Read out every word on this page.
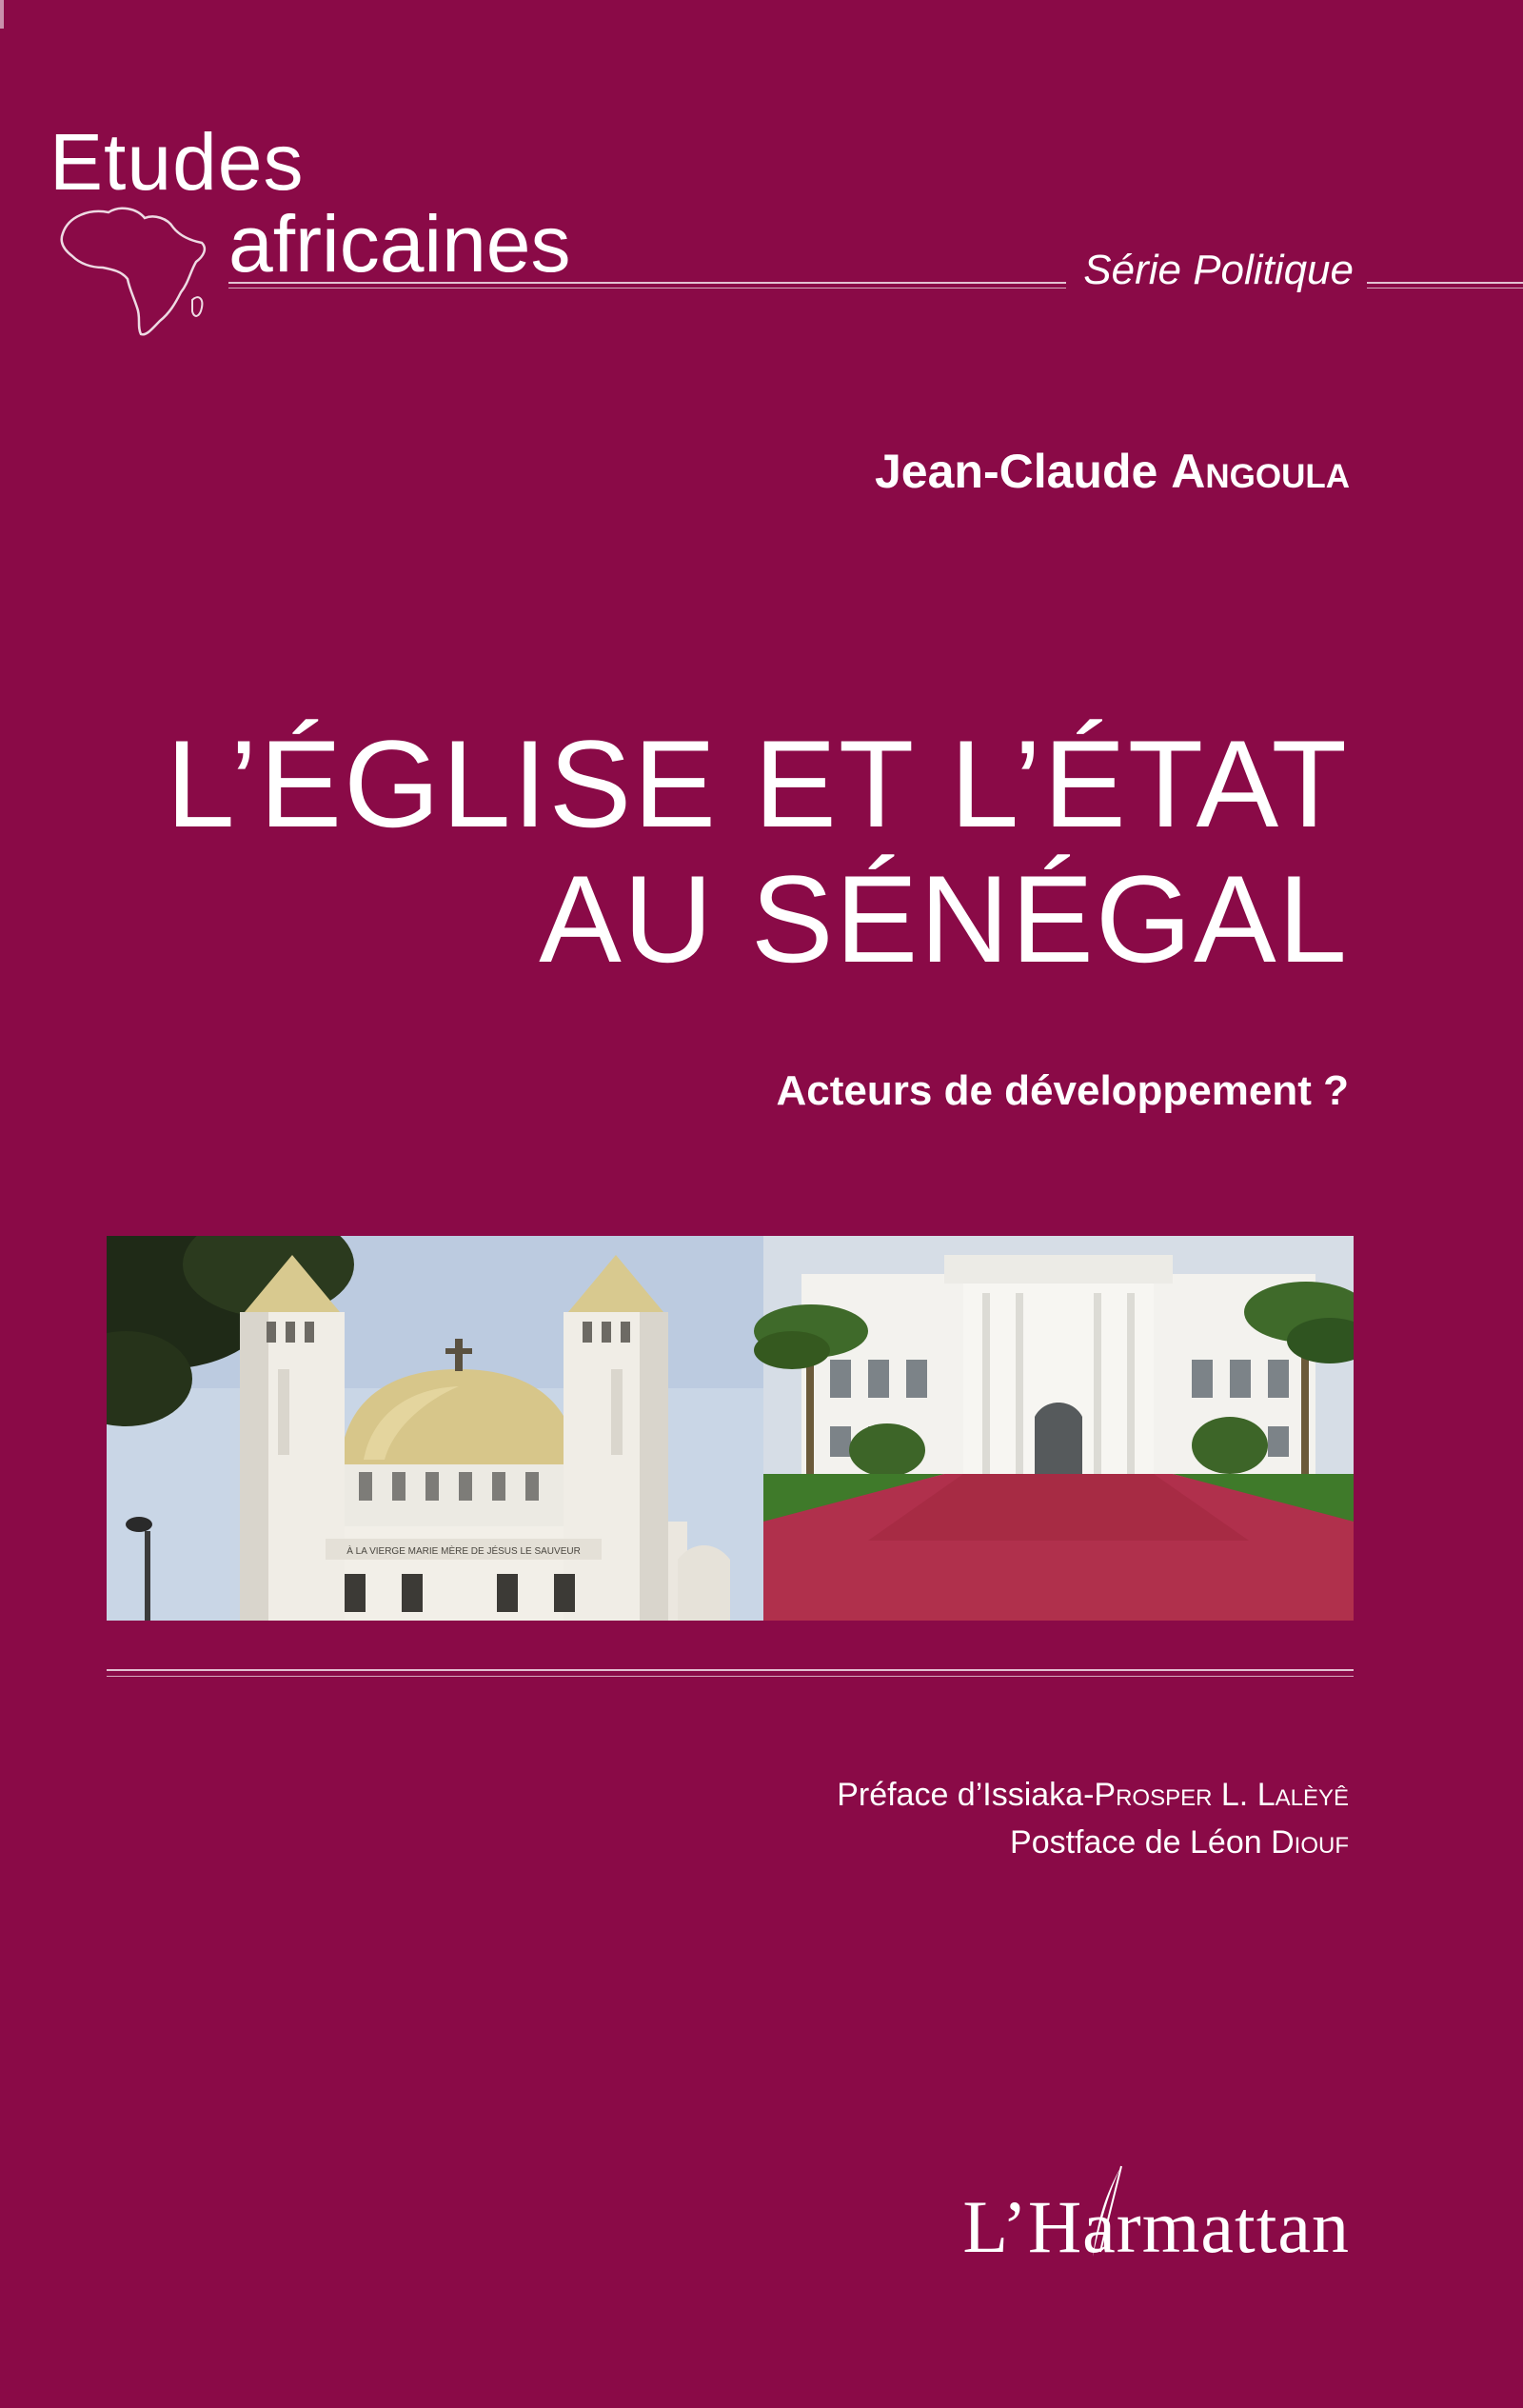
Etudes
africaines	Série Politique
Jean-Claude Angoula
L’ÉGLISE ET L’ÉTAT
AU SÉNÉGAL
Acteurs de développement ?
À LA VIERGE MARIE MÈRE DE JÉSUS LE SAUVEUR
Préface d’Issiaka-Prosper L. Lalèyê
Postface de Léon Diouf
L’Harmattan
